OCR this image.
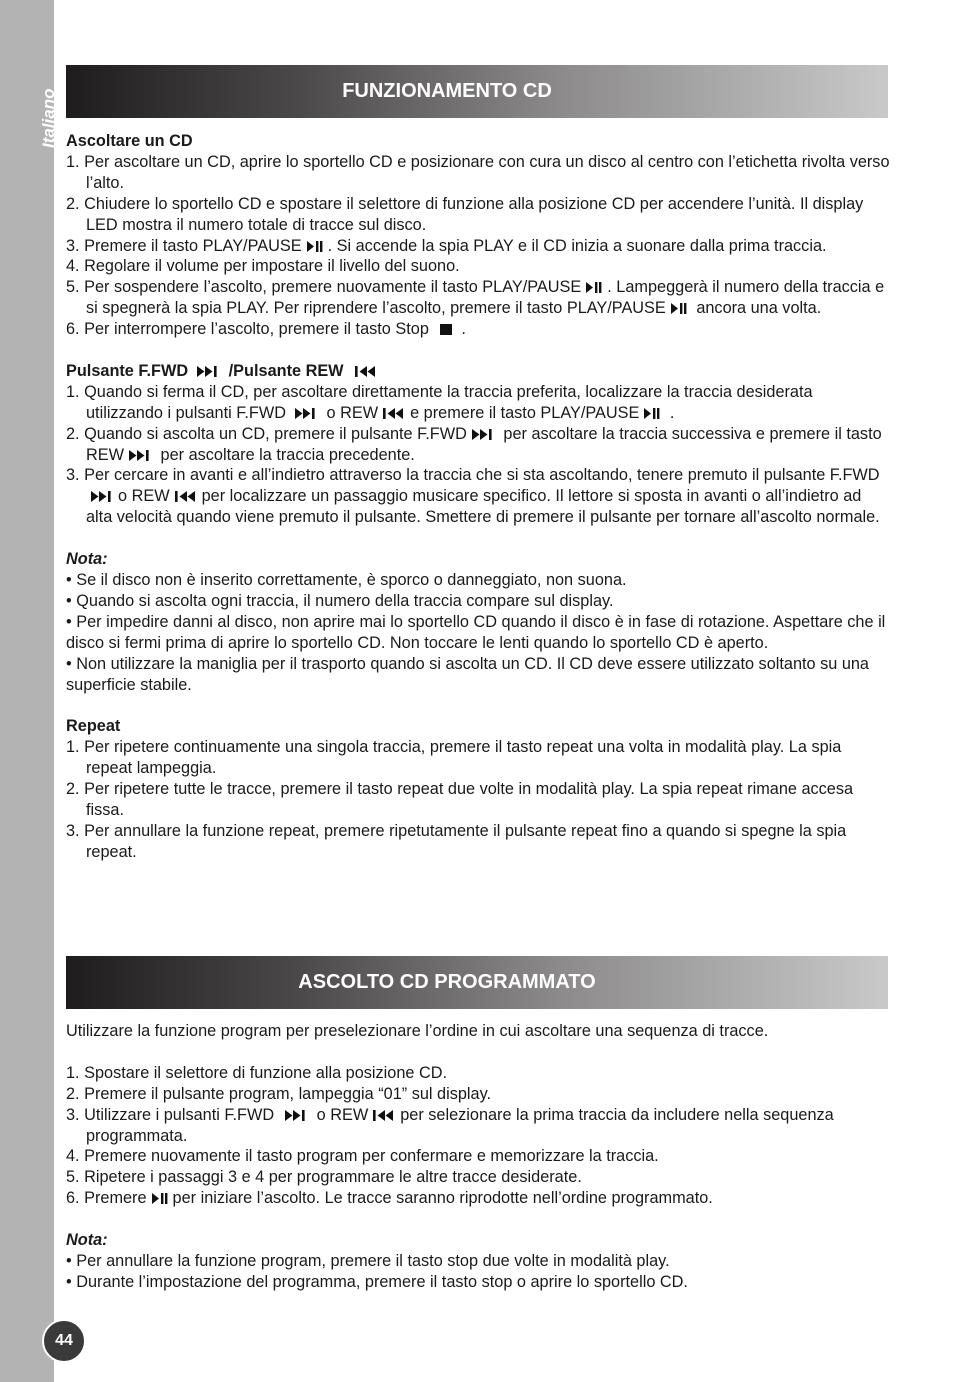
Italiano	FUNZIONAMENTO CD
Ascoltare un CD
1. Per ascoltare un CD, aprire lo sportello CD e posizionare con cura un disco al centro con l’etichetta rivolta verso l’alto.
2. Chiudere lo sportello CD e spostare il selettore di funzione alla posizione CD per accendere l’unità. Il display LED mostra il numero totale di tracce sul disco.
3. Premere il tasto PLAY/PAUSE . Si accende la spia PLAY e il CD inizia a suonare dalla prima traccia.
4. Regolare il volume per impostare il livello del suono.
5. Per sospendere l’ascolto, premere nuovamente il tasto PLAY/PAUSE . Lampeggerà il numero della traccia e si spegnerà la spia PLAY. Per riprendere l’ascolto, premere il tasto PLAY/PAUSE ancora una volta.
6. Per interrompere l’ascolto, premere il tasto Stop .
Pulsante F.FWD /Pulsante REW
1. Quando si ferma il CD, per ascoltare direttamente la traccia preferita, localizzare la traccia desiderata utilizzando i pulsanti F.FWD o REW e premere il tasto PLAY/PAUSE .
2. Quando si ascolta un CD, premere il pulsante F.FWD per ascoltare la traccia successiva e premere il tasto REW per ascoltare la traccia precedente.
3. Per cercare in avanti e all’indietro attraverso la traccia che si sta ascoltando, tenere premuto il pulsante F.FWD
o REW per localizzare un passaggio musicare specifico. Il lettore si sposta in avanti o all’indietro ad alta velocità quando viene premuto il pulsante. Smettere di premere il pulsante per tornare all’ascolto normale.
Nota:
• Se il disco non è inserito correttamente, è sporco o danneggiato, non suona.
• Quando si ascolta ogni traccia, il numero della traccia compare sul display.
• Per impedire danni al disco, non aprire mai lo sportello CD quando il disco è in fase di rotazione. Aspettare che il disco si fermi prima di aprire lo sportello CD. Non toccare le lenti quando lo sportello CD è aperto.
• Non utilizzare la maniglia per il trasporto quando si ascolta un CD. Il CD deve essere utilizzato soltanto su una superficie stabile.
Repeat
1. Per ripetere continuamente una singola traccia, premere il tasto repeat una volta in modalità play. La spia repeat lampeggia.
2. Per ripetere tutte le tracce, premere il tasto repeat due volte in modalità play. La spia repeat rimane accesa fissa.
3. Per annullare la funzione repeat, premere ripetutamente il pulsante repeat fino a quando si spegne la spia repeat.
ASCOLTO CD PROGRAMMATO
Utilizzare la funzione program per preselezionare l’ordine in cui ascoltare una sequenza di tracce.
1. Spostare il selettore di funzione alla posizione CD.
2. Premere il pulsante program, lampeggia “01” sul display.
3. Utilizzare i pulsanti F.FWD	o REW per selezionare la prima traccia da includere nella sequenza programmata.
4. Premere nuovamente il tasto program per confermare e memorizzare la traccia.
5. Ripetere i passaggi 3 e 4 per programmare le altre tracce desiderate.
6. Premere per iniziare l’ascolto. Le tracce saranno riprodotte nell’ordine programmato.
Nota:
• Per annullare la funzione program, premere il tasto stop due volte in modalità play.
• Durante l’impostazione del programma, premere il tasto stop o aprire lo sportello CD.
44
